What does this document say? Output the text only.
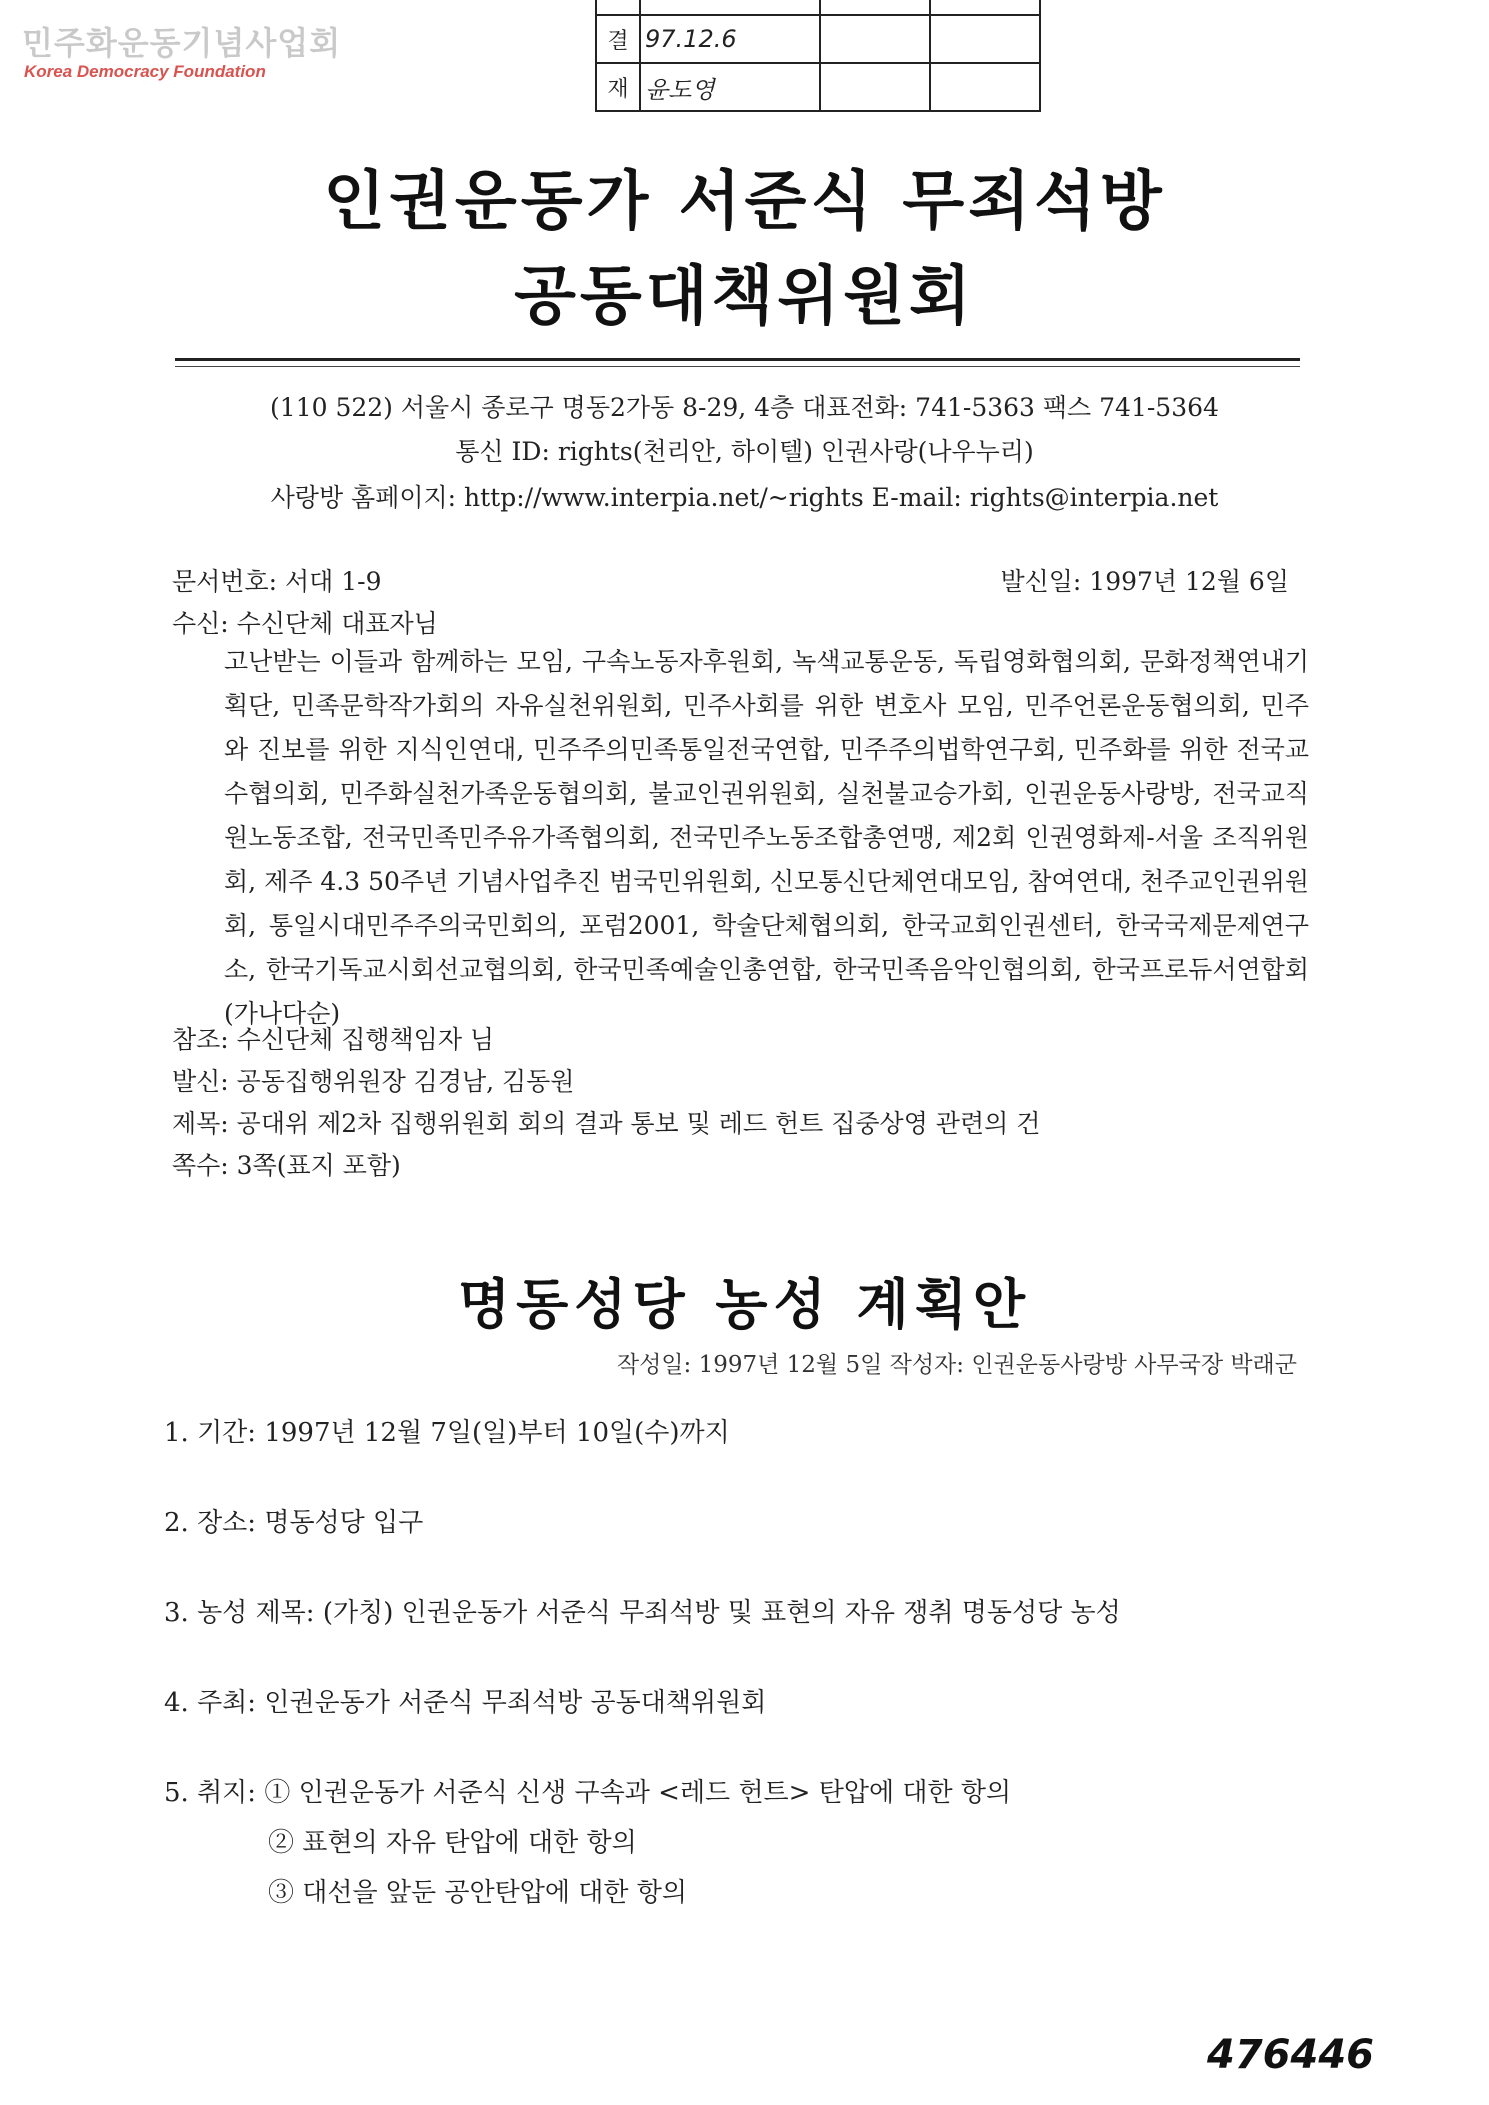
민주화운동기념사업회
Korea Democracy Foundation

결	97.12.6		
재	윤도영		
인권운동가 서준식 무죄석방
공동대책위원회
(110 522) 서울시 종로구 명동2가동 8-29, 4층 대표전화: 741-5363 팩스 741-5364
통신 ID: rights(천리안, 하이텔) 인권사랑(나우누리)
사랑방 홈페이지: http://www.interpia.net/~rights E-mail: rights@interpia.net
문서번호: 서대 1-9	발신일: 1997년 12월 6일
수신: 수신단체 대표자님
고난받는 이들과 함께하는 모임, 구속노동자후원회, 녹색교통운동, 독립영화협의회, 문화정책연내기획단, 민족문학작가회의 자유실천위원회, 민주사회를 위한 변호사 모임, 민주언론운동협의회, 민주와 진보를 위한 지식인연대, 민주주의민족통일전국연합, 민주주의법학연구회, 민주화를 위한 전국교수협의회, 민주화실천가족운동협의회, 불교인권위원회, 실천불교승가회, 인권운동사랑방, 전국교직원노동조합, 전국민족민주유가족협의회, 전국민주노동조합총연맹, 제2회 인권영화제-서울 조직위원회, 제주 4.3 50주년 기념사업추진 범국민위원회, 신모통신단체연대모임, 참여연대, 천주교인권위원회, 통일시대민주주의국민회의, 포럼2001, 학술단체협의회, 한국교회인권센터, 한국국제문제연구소, 한국기독교시회선교협의회, 한국민족예술인총연합, 한국민족음악인협의회, 한국프로듀서연합회(가나다순)
참조: 수신단체 집행책임자 님
발신: 공동집행위원장 김경남, 김동원
제목: 공대위 제2차 집행위원회 회의 결과 통보 및 레드 헌트 집중상영 관련의 건
쪽수: 3쪽(표지 포함)
명동성당 농성 계획안
작성일: 1997년 12월 5일 작성자: 인권운동사랑방 사무국장 박래군
1. 기간: 1997년 12월 7일(일)부터 10일(수)까지
2. 장소: 명동성당 입구
3. 농성 제목: (가칭) 인권운동가 서준식 무죄석방 및 표현의 자유 쟁취 명동성당 농성
4. 주최: 인권운동가 서준식 무죄석방 공동대책위원회
5. 취지: ① 인권운동가 서준식 신생 구속과 <레드 헌트> 탄압에 대한 항의
② 표현의 자유 탄압에 대한 항의
③ 대선을 앞둔 공안탄압에 대한 항의
476446
